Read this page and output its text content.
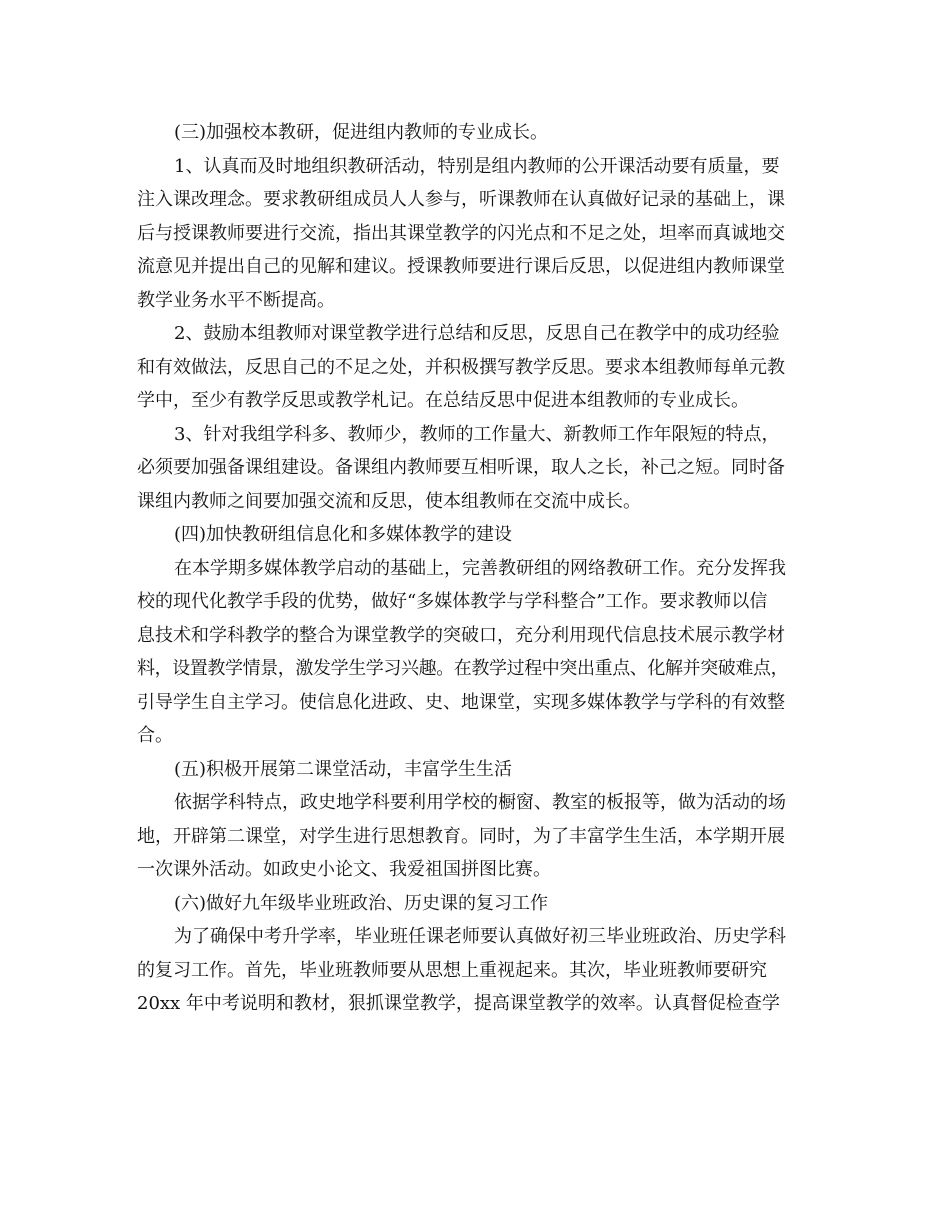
(三)加强校本教研，促进组内教师的专业成长。

1、认真而及时地组织教研活动，特别是组内教师的公开课活动要有质量，要

注入课改理念。要求教研组成员人人参与，听课教师在认真做好记录的基础上，课

后与授课教师要进行交流，指出其课堂教学的闪光点和不足之处，坦率而真诚地交

流意见并提出自己的见解和建议。授课教师要进行课后反思，以促进组内教师课堂

教学业务水平不断提高。

2、鼓励本组教师对课堂教学进行总结和反思，反思自己在教学中的成功经验

和有效做法，反思自己的不足之处，并积极撰写教学反思。要求本组教师每单元教

学中，至少有教学反思或教学札记。在总结反思中促进本组教师的专业成长。

3、针对我组学科多、教师少，教师的工作量大、新教师工作年限短的特点，

必须要加强备课组建设。备课组内教师要互相听课，取人之长，补己之短。同时备

课组内教师之间要加强交流和反思，使本组教师在交流中成长。

(四)加快教研组信息化和多媒体教学的建设

在本学期多媒体教学启动的基础上，完善教研组的网络教研工作。充分发挥我

校的现代化教学手段的优势，做好“多媒体教学与学科整合”工作。要求教师以信

息技术和学科教学的整合为课堂教学的突破口，充分利用现代信息技术展示教学材

料，设置教学情景，激发学生学习兴趣。在教学过程中突出重点、化解并突破难点，

引导学生自主学习。使信息化进政、史、地课堂，实现多媒体教学与学科的有效整

合。

(五)积极开展第二课堂活动，丰富学生生活

依据学科特点，政史地学科要利用学校的橱窗、教室的板报等，做为活动的场

地，开辟第二课堂，对学生进行思想教育。同时，为了丰富学生生活，本学期开展

一次课外活动。如政史小论文、我爱祖国拼图比赛。

(六)做好九年级毕业班政治、历史课的复习工作

为了确保中考升学率，毕业班任课老师要认真做好初三毕业班政治、历史学科

的复习工作。首先，毕业班教师要从思想上重视起来。其次，毕业班教师要研究

20xx 年中考说明和教材，狠抓课堂教学，提高课堂教学的效率。认真督促检查学
